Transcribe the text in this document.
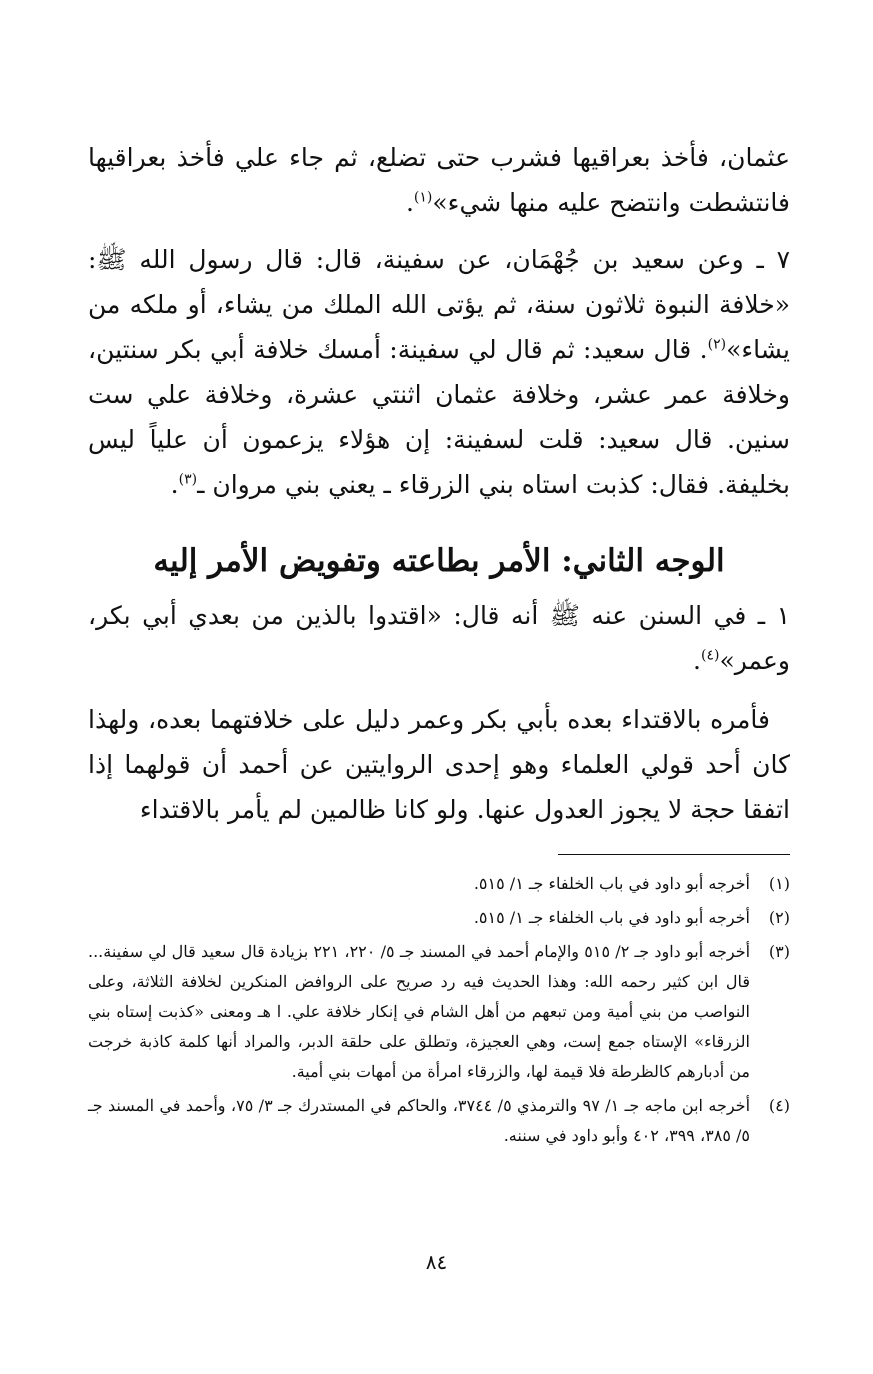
عثمان، فأخذ بعراقيها فشرب حتى تضلع، ثم جاء علي فأخذ بعراقيها فانتشطت وانتضح عليه منها شيء»$^{(١)}$.

٧ ـ وعن سعيد بن جُهْمَان، عن سفينة، قال: قال رسول الله ﷺ: «خلافة النبوة ثلاثون سنة، ثم يؤتى الله الملك من يشاء، أو ملكه من يشاء»$^{(٢)}$. قال سعيد: ثم قال لي سفينة: أمسك خلافة أبي بكر سنتين، وخلافة عمر عشر، وخلافة عثمان اثنتي عشرة، وخلافة علي ست سنين. قال سعيد: قلت لسفينة: إن هؤلاء يزعمون أن علياً ليس بخليفة. فقال: كذبت استاه بني الزرقاء ـ يعني بني مروان ـ$^{(٣)}$.

الوجه الثاني: الأمر بطاعته وتفويض الأمر إليه

١ ـ في السنن عنه ﷺ أنه قال: «اقتدوا بالذين من بعدي أبي بكر، وعمر»$^{(٤)}$.

فأمره بالاقتداء بعده بأبي بكر وعمر دليل على خلافتهما بعده، ولهذا كان أحد قولي العلماء وهو إحدى الروايتين عن أحمد أن قولهما إذا اتفقا حجة لا يجوز العدول عنها. ولو كانا ظالمين لم يأمر بالاقتداء

(١)
أخرجه أبو داود في باب الخلفاء جـ ١/ ٥١٥.
(٢)
أخرجه أبو داود في باب الخلفاء جـ ١/ ٥١٥.
(٣)
أخرجه أبو داود جـ ٢/ ٥١٥ والإمام أحمد في المسند جـ ٥/ ٢٢٠، ٢٢١ بزيادة قال سعيد قال لي سفينة... قال ابن كثير رحمه الله: وهذا الحديث فيه رد صريح على الروافض المنكرين لخلافة الثلاثة، وعلى النواصب من بني أمية ومن تبعهم من أهل الشام في إنكار خلافة علي. ا هـ ومعنى «كذبت إستاه بني الزرقاء» الإستاه جمع إست، وهي العجيزة، وتطلق على حلقة الدبر، والمراد أنها كلمة كاذبة خرجت من أدبارهم كالظرطة فلا قيمة لها، والزرقاء امرأة من أمهات بني أمية.
(٤)
أخرجه ابن ماجه جـ ١/ ٩٧ والترمذي ٥/ ٣٧٤٤، والحاكم في المستدرك جـ ٣/ ٧٥، وأحمد في المسند جـ ٥/ ٣٨٥، ٣٩٩، ٤٠٢ وأبو داود في سننه.
٨٤
